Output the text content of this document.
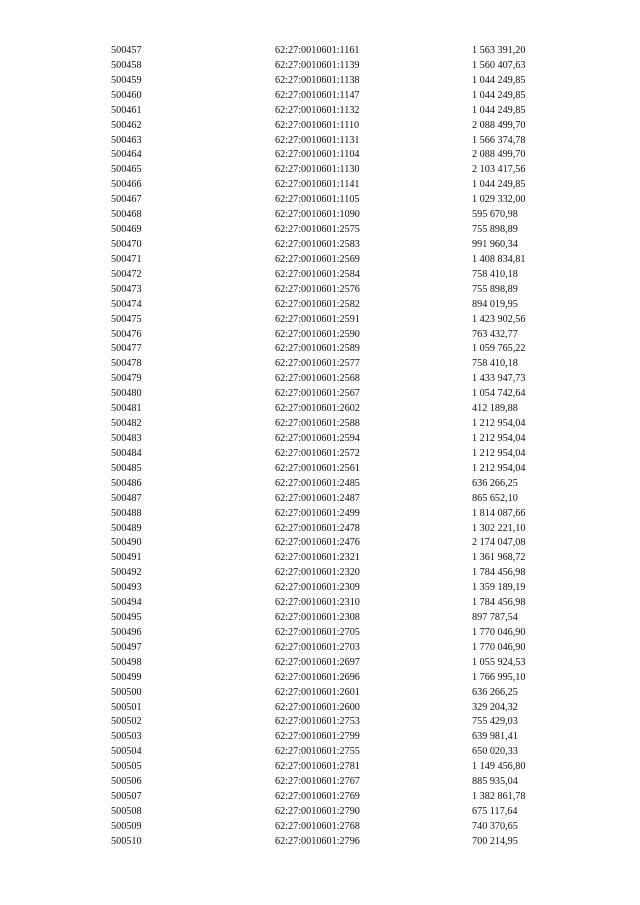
500457	62:27:0010601:1161	1 563 391,20
500458	62:27:0010601:1139	1 560 407,63
500459	62:27:0010601:1138	1 044 249,85
500460	62:27:0010601:1147	1 044 249,85
500461	62:27:0010601:1132	1 044 249,85
500462	62:27:0010601:1110	2 088 499,70
500463	62:27:0010601:1131	1 566 374,78
500464	62:27:0010601:1104	2 088 499,70
500465	62:27:0010601:1130	2 103 417,56
500466	62:27:0010601:1141	1 044 249,85
500467	62:27:0010601:1105	1 029 332,00
500468	62:27:0010601:1090	595 670,98
500469	62:27:0010601:2575	755 898,89
500470	62:27:0010601:2583	991 960,34
500471	62:27:0010601:2569	1 408 834,81
500472	62:27:0010601:2584	758 410,18
500473	62:27:0010601:2576	755 898,89
500474	62:27:0010601:2582	894 019,95
500475	62:27:0010601:2591	1 423 902,56
500476	62:27:0010601:2590	763 432,77
500477	62:27:0010601:2589	1 059 765,22
500478	62:27:0010601:2577	758 410,18
500479	62:27:0010601:2568	1 433 947,73
500480	62:27:0010601:2567	1 054 742,64
500481	62:27:0010601:2602	412 189,88
500482	62:27:0010601:2588	1 212 954,04
500483	62:27:0010601:2594	1 212 954,04
500484	62:27:0010601:2572	1 212 954,04
500485	62:27:0010601:2561	1 212 954,04
500486	62:27:0010601:2485	636 266,25
500487	62:27:0010601:2487	865 652,10
500488	62:27:0010601:2499	1 814 087,66
500489	62:27:0010601:2478	1 302 221,10
500490	62:27:0010601:2476	2 174 047,08
500491	62:27:0010601:2321	1 361 968,72
500492	62:27:0010601:2320	1 784 456,98
500493	62:27:0010601:2309	1 359 189,19
500494	62:27:0010601:2310	1 784 456,98
500495	62:27:0010601:2308	897 787,54
500496	62:27:0010601:2705	1 770 046,90
500497	62:27:0010601:2703	1 770 046,90
500498	62:27:0010601:2697	1 055 924,53
500499	62:27:0010601:2696	1 766 995,10
500500	62:27:0010601:2601	636 266,25
500501	62:27:0010601:2600	329 204,32
500502	62:27:0010601:2753	755 429,03
500503	62:27:0010601:2799	639 981,41
500504	62:27:0010601:2755	650 020,33
500505	62:27:0010601:2781	1 149 456,80
500506	62:27:0010601:2767	885 935,04
500507	62:27:0010601:2769	1 382 861,78
500508	62:27:0010601:2790	675 117,64
500509	62:27:0010601:2768	740 370,65
500510	62:27:0010601:2796	700 214,95
